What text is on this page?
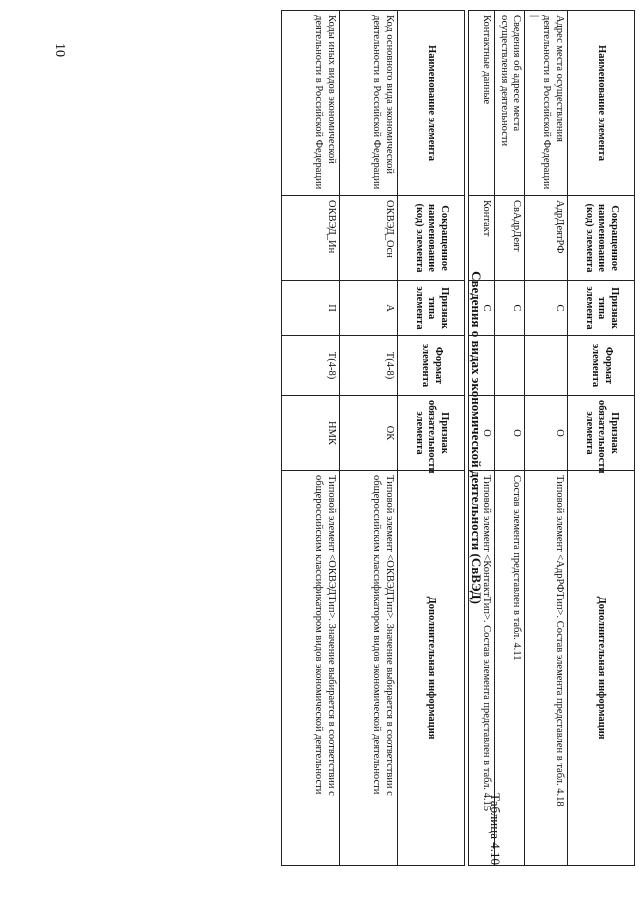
10	Наименование элемента	Сокращенное наименование (код) элемента	Признак типа элемента	Формат элемента	Признак обязательности элемента	Дополнительная информация
Адрес места осуществления деятельности в Российской Федерации |	АдрДеятРФ	С		О	Типовой элемент <АдрРФТип>. Состав элемента представлен в табл. 4.18
Сведения об адресе места осуществления деятельности	СвАдрДеят	С		О	Состав элемента представлен в табл. 4.11
Контактные данные	Контакт	С		О	Типовой элемент <КонтактТип>. Состав элемента представлен в табл. 4.15
Таблица 4.10
Сведения о видах экономической деятельности (СвВЭД)
Наименование элемента	Сокращенное наименование (код) элемента	Признак типа элемента	Формат элемента	Признак обязательности элемента	Дополнительная информация
Код основного вида экономической деятельности в Российской Федерации	ОКВЭД_Осн	А	T(4-8)	ОК	Типовой элемент <ОКВЭДТип>. Значение выбирается в соответствии с общероссийским классификатором видов экономической деятельности
Коды иных видов экономической деятельности в Российской Федерации	ОКВЭД_Ин	П	T(4-8)	НМК	Типовой элемент <ОКВЭДТип>. Значение выбирается в соответствии с общероссийским классификатором видов экономической деятельности
